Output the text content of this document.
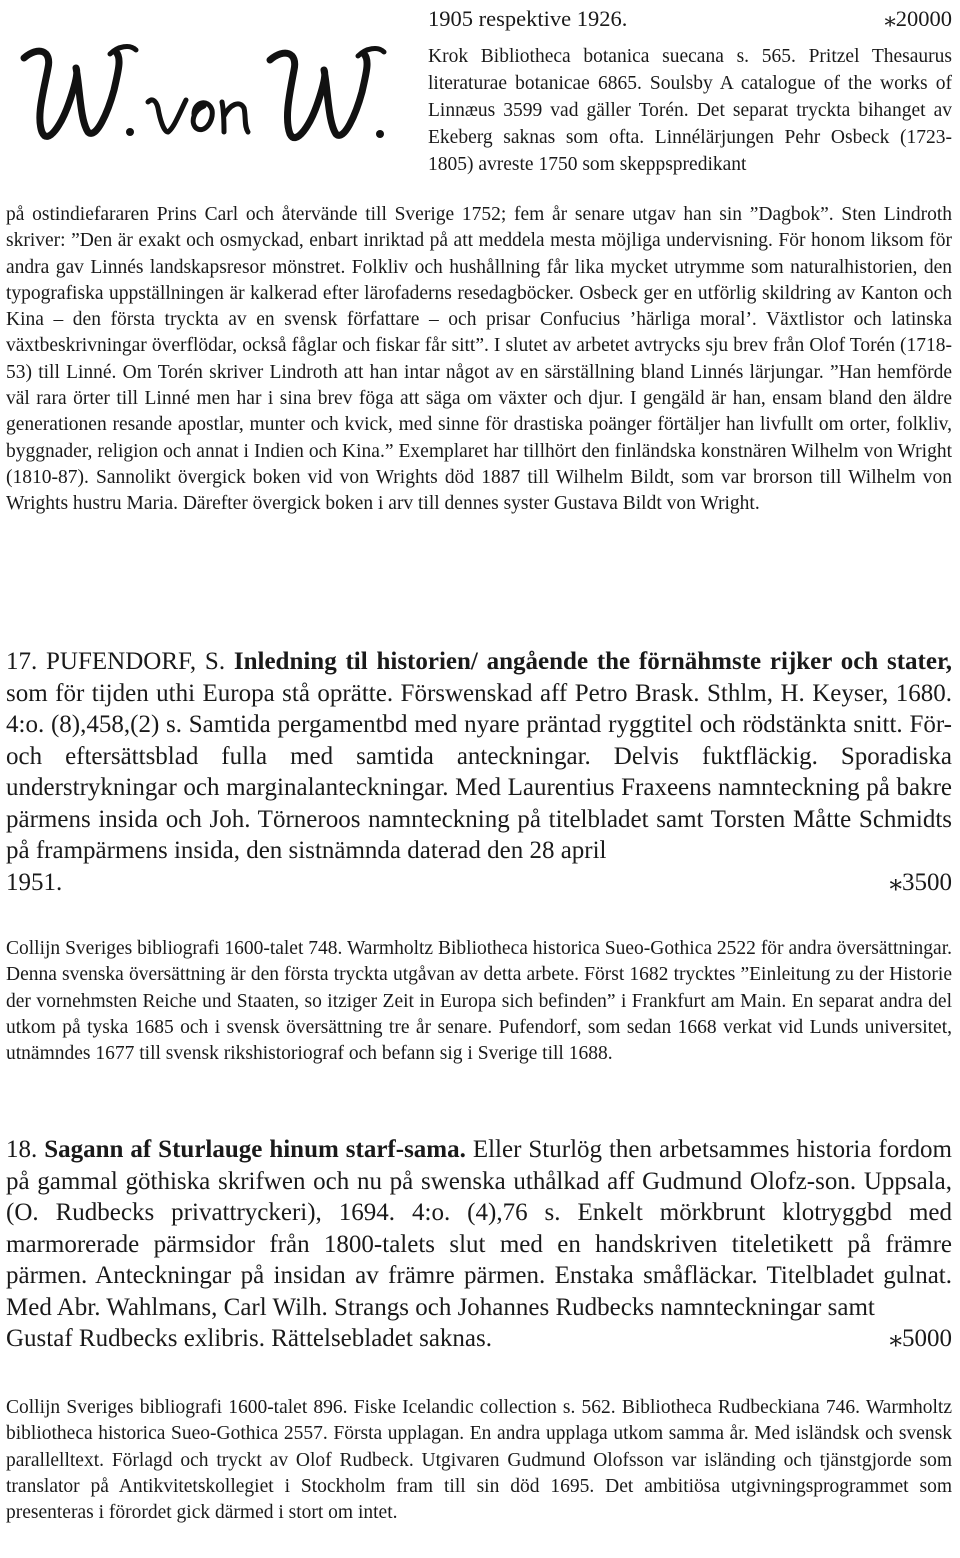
1905 respektive 1926.	⁎20000

Krok Bibliotheca botanica suecana s. 565. Pritzel Thesaurus literaturae botanicae 6865. Soulsby A catalogue of the works of Linnæus 3599 vad gäller Torén. Det separat tryckta bihanget av Ekeberg saknas som ofta. Linnélärjungen Pehr Osbeck (1723-1805) avreste 1750 som skeppspredikant

på ostindiefararen Prins Carl och återvände till Sverige 1752; fem år senare utgav han sin ”Dagbok”. Sten Lindroth skriver: ”Den är exakt och osmyckad, enbart inriktad på att meddela mesta möjliga undervisning. För honom liksom för andra gav Linnés landskapsresor mönstret. Folkliv och hushållning får lika mycket utrymme som naturalhistorien, den typografiska uppställningen är kalkerad efter lärofaderns resedagböcker. Osbeck ger en utförlig skildring av Kanton och Kina – den första tryckta av en svensk författare – och prisar Confucius ’härliga moral’. Växtlistor och latinska växtbeskrivningar överflödar, också fåglar och fiskar får sitt”. I slutet av arbetet avtrycks sju brev från Olof Torén (1718-53) till Linné. Om Torén skriver Lindroth att han intar något av en särställning bland Linnés lärjungar. ”Han hemförde väl rara örter till Linné men har i sina brev föga att säga om växter och djur. I gengäld är han, ensam bland den äldre generationen resande apostlar, munter och kvick, med sinne för drastiska poänger förtäljer han livfullt om orter, folkliv, byggnader, religion och annat i Indien och Kina.” Exemplaret har tillhört den finländska konstnären Wilhelm von Wright (1810-87). Sannolikt övergick boken vid von Wrights död 1887 till Wilhelm Bildt, som var brorson till Wilhelm von Wrights hustru Maria. Därefter övergick boken i arv till dennes syster Gustava Bildt von Wright.

17. PUFENDORF, S. Inledning til historien/ angående the förnähmste rijker och stater, som för tijden uthi Europa stå oprätte. Förswenskad aff Petro Brask. Sthlm, H. Keyser, 1680. 4:o. (8),458,(2) s. Samtida pergamentbd med nyare präntad ryggtitel och rödstänkta snitt. För- och eftersättsblad fulla med samtida anteckningar. Delvis fuktfläckig. Sporadiska understrykningar och marginalanteckningar. Med Laurentius Fraxeens namnteckning på bakre pärmens insida och Joh. Törneroos namnteckning på titelbladet samt Torsten Måtte Schmidts på frampärmens insida, den sistnämnda daterad den 28 april

1951.	⁎3500

Collijn Sveriges bibliografi 1600-talet 748. Warmholtz Bibliotheca historica Sueo-Gothica 2522 för andra översättningar. Denna svenska översättning är den första tryckta utgåvan av detta arbete. Först 1682 trycktes ”Einleitung zu der Historie der vornehmsten Reiche und Staaten, so itziger Zeit in Europa sich befinden” i Frankfurt am Main. En separat andra del utkom på tyska 1685 och i svensk översättning tre år senare. Pufendorf, som sedan 1668 verkat vid Lunds universitet, utnämndes 1677 till svensk rikshistoriograf och befann sig i Sverige till 1688.

18. Sagann af Sturlauge hinum starf-sama. Eller Sturlög then arbetsammes historia fordom på gammal göthiska skrifwen och nu på swenska uthålkad aff Gudmund Olofz-son. Uppsala, (O. Rudbecks privattryckeri), 1694. 4:o. (4),76 s. Enkelt mörkbrunt klotryggbd med marmorerade pärmsidor från 1800-talets slut med en handskriven titeletikett på främre pärmen. Anteckningar på insidan av främre pärmen. Enstaka småfläckar. Titelbladet gulnat. Med Abr. Wahlmans, Carl Wilh. Strangs och Johannes Rudbecks namnteckningar samt

Gustaf Rudbecks exlibris. Rättelsebladet saknas.	⁎5000

Collijn Sveriges bibliografi 1600-talet 896. Fiske Icelandic collection s. 562. Bibliotheca Rudbeckiana 746. Warmholtz bibliotheca historica Sueo-Gothica 2557. Första upplagan. En andra upplaga utkom samma år. Med isländsk och svensk parallelltext. Förlagd och tryckt av Olof Rudbeck. Utgivaren Gudmund Olofsson var isländing och tjänstgjorde som translator på Antikvitetskollegiet i Stockholm fram till sin död 1695. Det ambitiösa utgivningsprogrammet som presenteras i förordet gick därmed i stort om intet.
